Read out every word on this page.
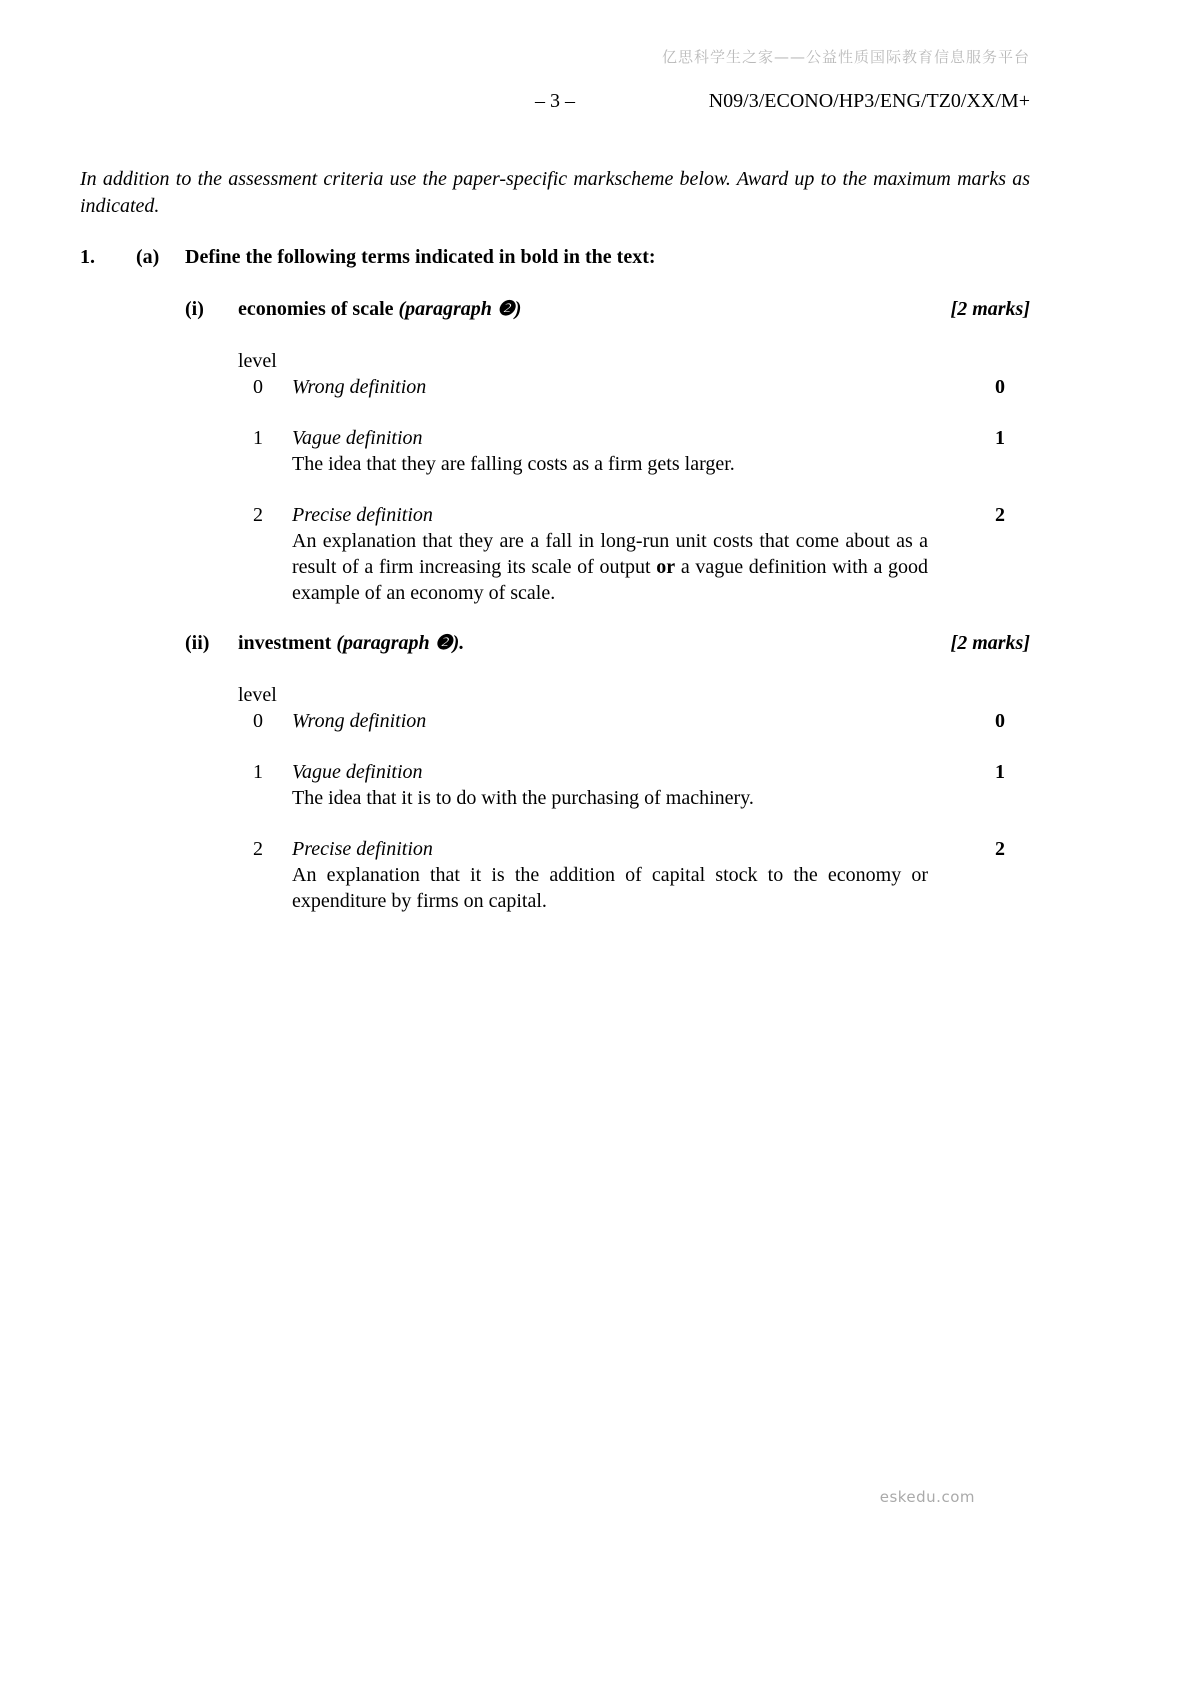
亿思科学生之家——公益性质国际教育信息服务平台
– 3 –	N09/3/ECONO/HP3/ENG/TZ0/XX/M+
In addition to the assessment criteria use the paper-specific markscheme below. Award up to the maximum marks as indicated.
1. (a) Define the following terms indicated in bold in the text:
(i) economies of scale (paragraph ❷)	[2 marks]
level
0 Wrong definition	0
1 Vague definition	1
The idea that they are falling costs as a firm gets larger.
2 Precise definition	2
An explanation that they are a fall in long-run unit costs that come about as a result of a firm increasing its scale of output or a vague definition with a good example of an economy of scale.
(ii) investment (paragraph ❷).	[2 marks]
level
0 Wrong definition	0
1 Vague definition	1
The idea that it is to do with the purchasing of machinery.
2 Precise definition	2
An explanation that it is the addition of capital stock to the economy or expenditure by firms on capital.
eskedu.com
